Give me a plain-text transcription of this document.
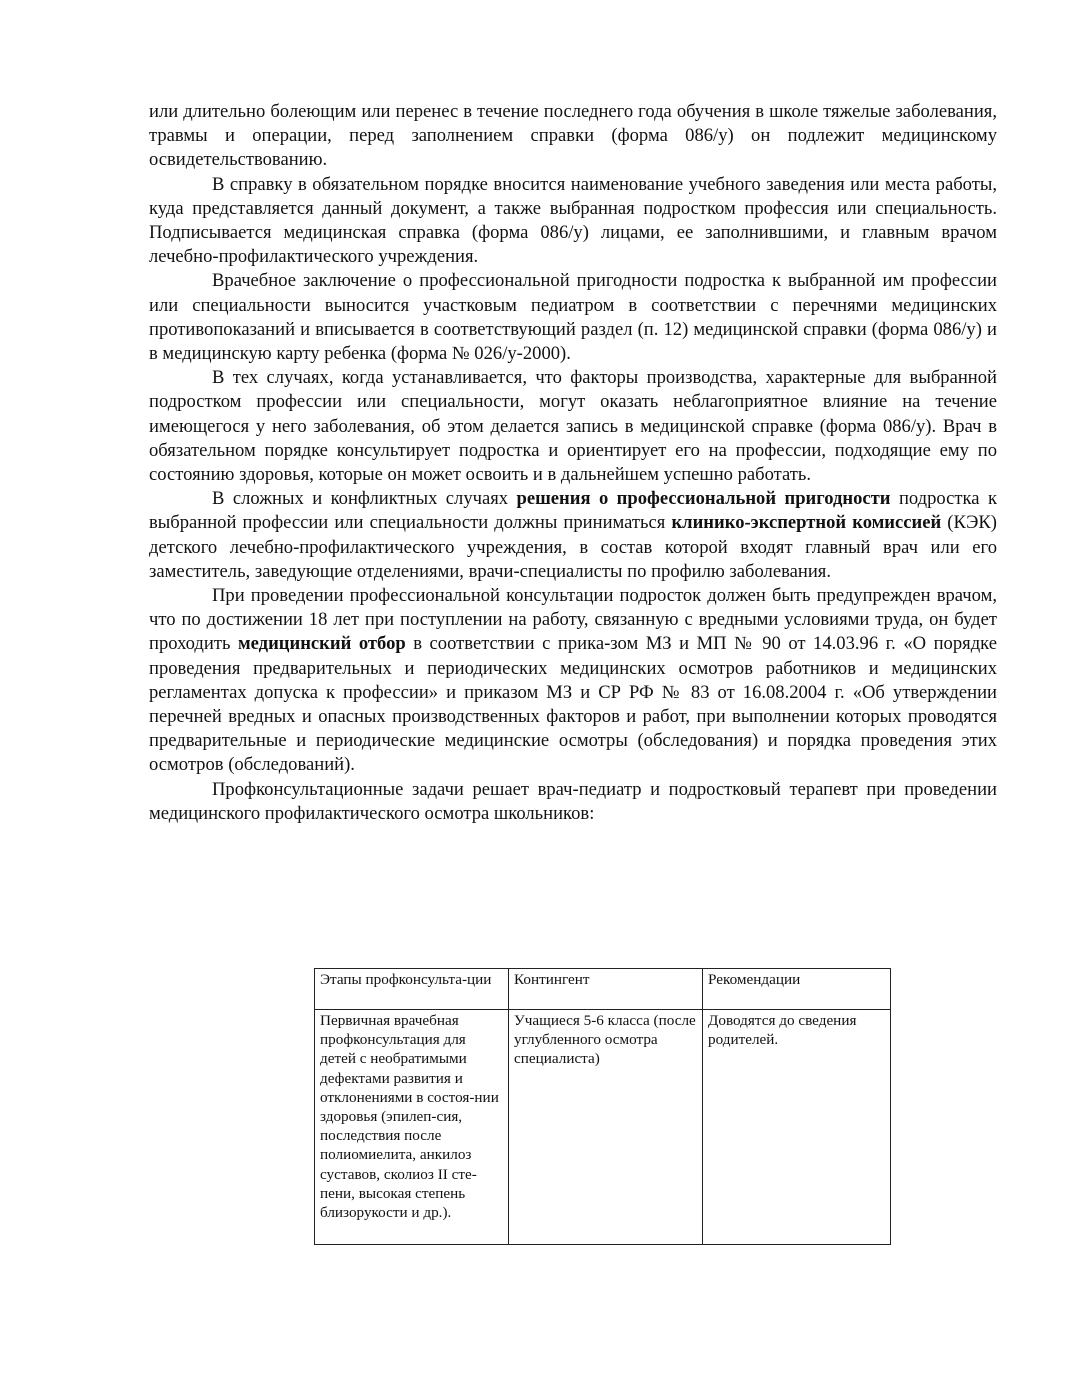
или длительно болеющим или перенес в течение последнего года обучения в школе тяжелые заболевания, травмы и операции, перед заполнением справки (форма 086/у) он подлежит медицинскому освидетельствованию.

В справку в обязательном порядке вносится наименование учебного заведения или места работы, куда представляется данный документ, а также выбранная подростком профессия или специальность. Подписывается медицинская справка (форма 086/у) лицами, ее заполнившими, и главным врачом лечебно-профилактического учреждения.

Врачебное заключение о профессиональной пригодности подростка к выбранной им профессии или специальности выносится участковым педиатром в соответствии с перечнями медицинских противопоказаний и вписывается в соответствующий раздел (п. 12) медицинской справки (форма 086/у) и в медицинскую карту ребенка (форма № 026/у-2000).

В тех случаях, когда устанавливается, что факторы производства, характерные для выбранной подростком профессии или специальности, могут оказать неблагоприятное влияние на течение имеющегося у него заболевания, об этом делается запись в медицинской справке (форма 086/у). Врач в обязательном порядке консультирует подростка и ориентирует его на профессии, подходящие ему по состоянию здоровья, которые он может освоить и в дальнейшем успешно работать.

В сложных и конфликтных случаях решения о профессиональной пригодности подростка к выбранной профессии или специальности должны приниматься клинико-экспертной комиссией (КЭК) детского лечебно-профилактического учреждения, в состав которой входят главный врач или его заместитель, заведующие отделениями, врачи-специалисты по профилю заболевания.

При проведении профессиональной консультации подросток должен быть предупрежден врачом, что по достижении 18 лет при поступлении на работу, связанную с вредными условиями труда, он будет проходить медицинский отбор в соответствии с прика-зом МЗ и МП № 90 от 14.03.96 г. «О порядке проведения предварительных и периодических медицинских осмотров работников и медицинских регламентах допуска к профессии» и приказом МЗ и СР РФ № 83 от 16.08.2004 г. «Об утверждении перечней вредных и опасных производственных факторов и работ, при выполнении которых проводятся предварительные и периодические медицинские осмотры (обследования) и порядка проведения этих осмотров (обследований).

Профконсультационные задачи решает врач-педиатр и подростковый терапевт при проведении медицинского профилактического осмотра школьников:

Этапы профконсульта-ции	Контингент	Рекомендации
Первичная врачебная профконсультация для детей с необратимыми дефектами развития и отклонениями в состоя-нии здоровья (эпилеп-сия, последствия после полиомиелита, анкилоз суставов, сколиоз II сте-пени, высокая степень близорукости и др.).	Учащиеся 5-6 класса (после углубленного осмотра специалиста)	Доводятся до сведения родителей.
